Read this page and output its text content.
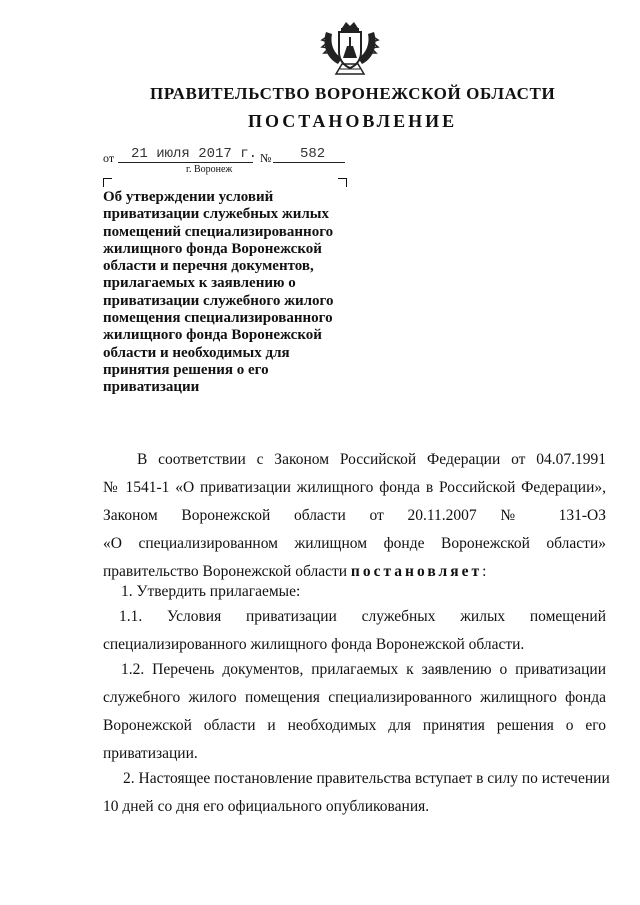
ПРАВИТЕЛЬСТВО ВОРОНЕЖСКОЙ ОБЛАСТИ
ПОСТАНОВЛЕНИЕ
от 21 июля 2017 г. № 582
г. Воронеж
Об утверждении условий
приватизации служебных жилых
помещений специализированного
жилищного фонда Воронежской
области и перечня документов,
прилагаемых к заявлению о
приватизации служебного жилого
помещения специализированного
жилищного фонда Воронежской
области и необходимых для
принятия решения о его
приватизации
В соответствии с Законом Российской Федерации от 04.07.1991
№ 1541-1 «О приватизации жилищного фонда в Российской Федерации»,
Законом Воронежской области от 20.11.2007 № 131-ОЗ
«О специализированном жилищном фонде Воронежской области»
правительство Воронежской области постановляет:
1. Утвердить прилагаемые:
1.1. Условия приватизации служебных жилых помещений
специализированного жилищного фонда Воронежской области.
1.2. Перечень документов, прилагаемых к заявлению о приватизации
служебного жилого помещения специализированного жилищного фонда
Воронежской области и необходимых для принятия решения о его
приватизации.
2. Настоящее постановление правительства вступает в силу по истечении
10 дней со дня его официального опубликования.
